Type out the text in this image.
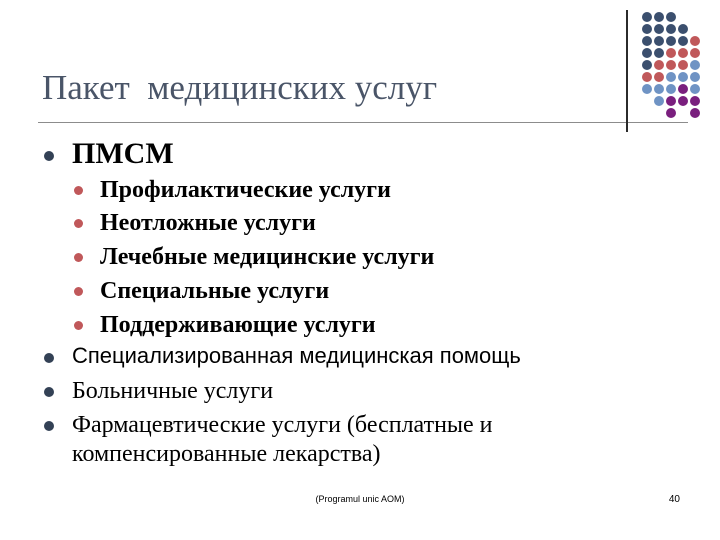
Пакет  медицинских услуг
ПМСМ
Профилактические услуги
Неотложные услуги
Лечебные медицинские услуги
Специальные услуги
Поддерживающие услуги
Специализированная медицинская помощь
Больничные услуги
Фармацевтические услуги (бесплатные и
компенсированные лекарства)
(Programul unic AOM)	40
